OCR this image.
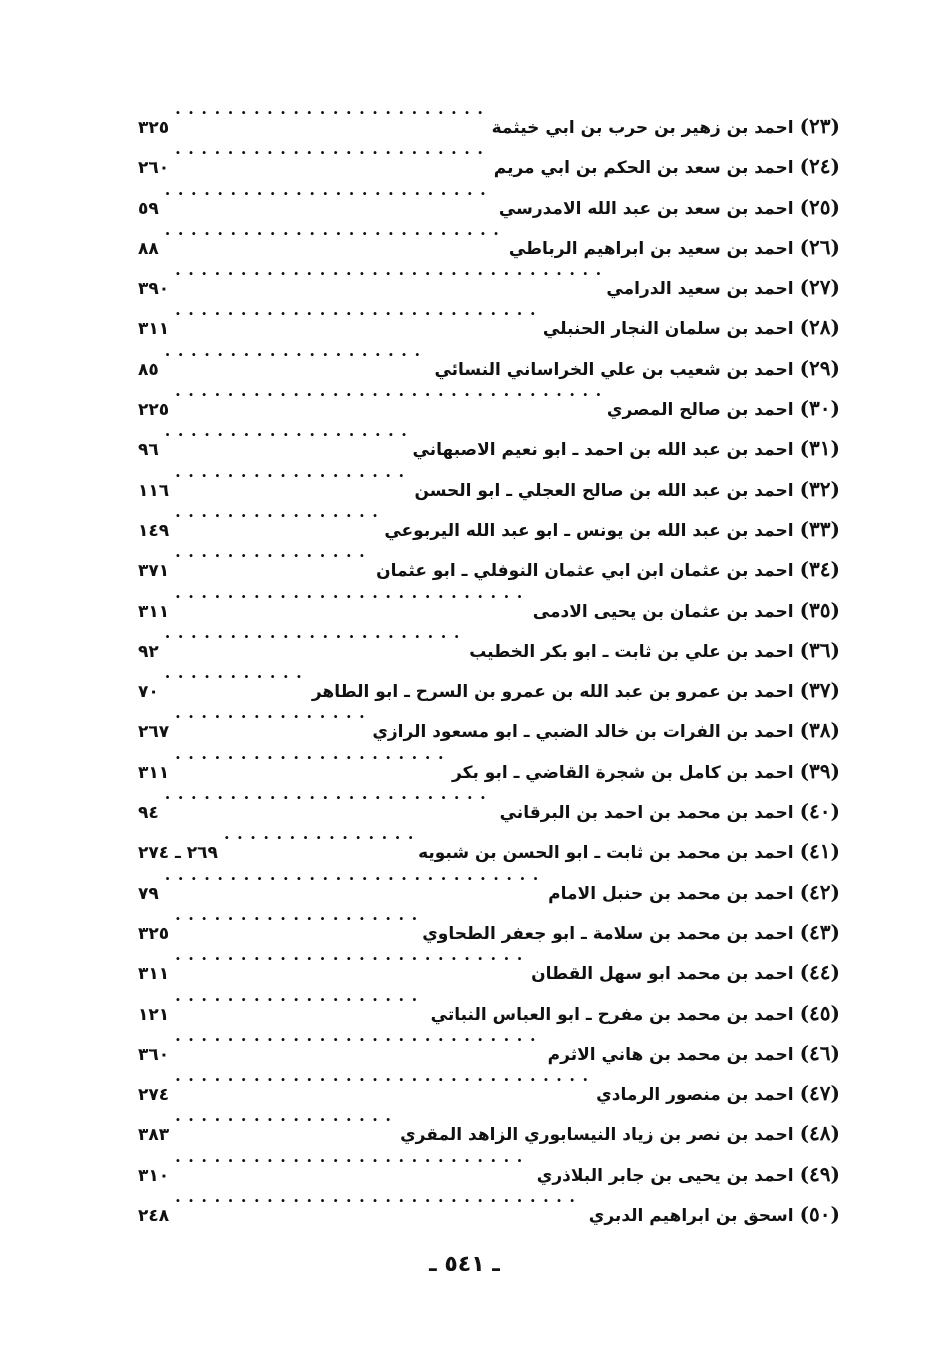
(٢٣)
احمد بن زهير بن حرب بن ابي خيثمة
. . .
٣٢٥
(٢٤)
احمد بن سعد بن الحكم بن ابي مريم
. . .
٢٦٠
(٢٥)
احمد بن سعد بن عبد الله الامدرسي
. . .
٥٩
(٢٦)
احمد بن سعيد بن ابراهيم الرباطي
. . .
٨٨
(٢٧)
احمد بن سعيد الدرامي
. . .
٣٩٠
(٢٨)
احمد بن سلمان النجار الحنبلي
. . .
٣١١
(٢٩)
احمد بن شعيب بن علي الخراساني النسائي
. . .
٨٥
(٣٠)
احمد بن صالح المصري
. . .
٢٢٥
(٣١)
احمد بن عبد الله بن احمد ـ ابو نعيم الاصبهاني
. . .
٩٦
(٣٢)
احمد بن عبد الله بن صالح العجلي ـ ابو الحسن
. . .
١١٦
(٣٣)
احمد بن عبد الله بن يونس ـ ابو عبد الله اليربوعي
. . .
١٤٩
(٣٤)
احمد بن عثمان ابن ابي عثمان النوفلي ـ ابو عثمان
. . .
٣٧١
(٣٥)
احمد بن عثمان بن يحيى الادمى
. . .
٣١١
(٣٦)
احمد بن علي بن ثابت ـ ابو بكر الخطيب
. . .
٩٢
(٣٧)
احمد بن عمرو بن عبد الله بن عمرو بن السرح ـ ابو الطاهر
. . .
٧٠
(٣٨)
احمد بن الفرات بن خالد الضبي ـ ابو مسعود الرازي
. . .
٢٦٧
(٣٩)
احمد بن كامل بن شجرة القاضي ـ ابو بكر
. . .
٣١١
(٤٠)
احمد بن محمد بن احمد بن البرقاني
. . .
٩٤
(٤١)
احمد بن محمد بن ثابت ـ ابو الحسن بن شبويه
. . .
٢٦٩ ـ ٢٧٤
(٤٢)
احمد بن محمد بن حنبل الامام
. . .
٧٩
(٤٣)
احمد بن محمد بن سلامة ـ ابو جعفر الطحاوي
. . .
٣٢٥
(٤٤)
احمد بن محمد ابو سهل القطان
. . .
٣١١
(٤٥)
احمد بن محمد بن مفرح ـ ابو العباس النباتي
. . .
١٢١
(٤٦)
احمد بن محمد بن هاني الاثرم
. . .
٣٦٠
(٤٧)
احمد بن منصور الرمادي
. . .
٢٧٤
(٤٨)
احمد بن نصر بن زياد النيسابوري الزاهد المقري
. . .
٣٨٣
(٤٩)
احمد بن يحيى بن جابر البلاذري
. . .
٣١٠
(٥٠)
اسحق بن ابراهيم الدبري
. . .
٢٤٨
ـ ٥٤١ ـ
